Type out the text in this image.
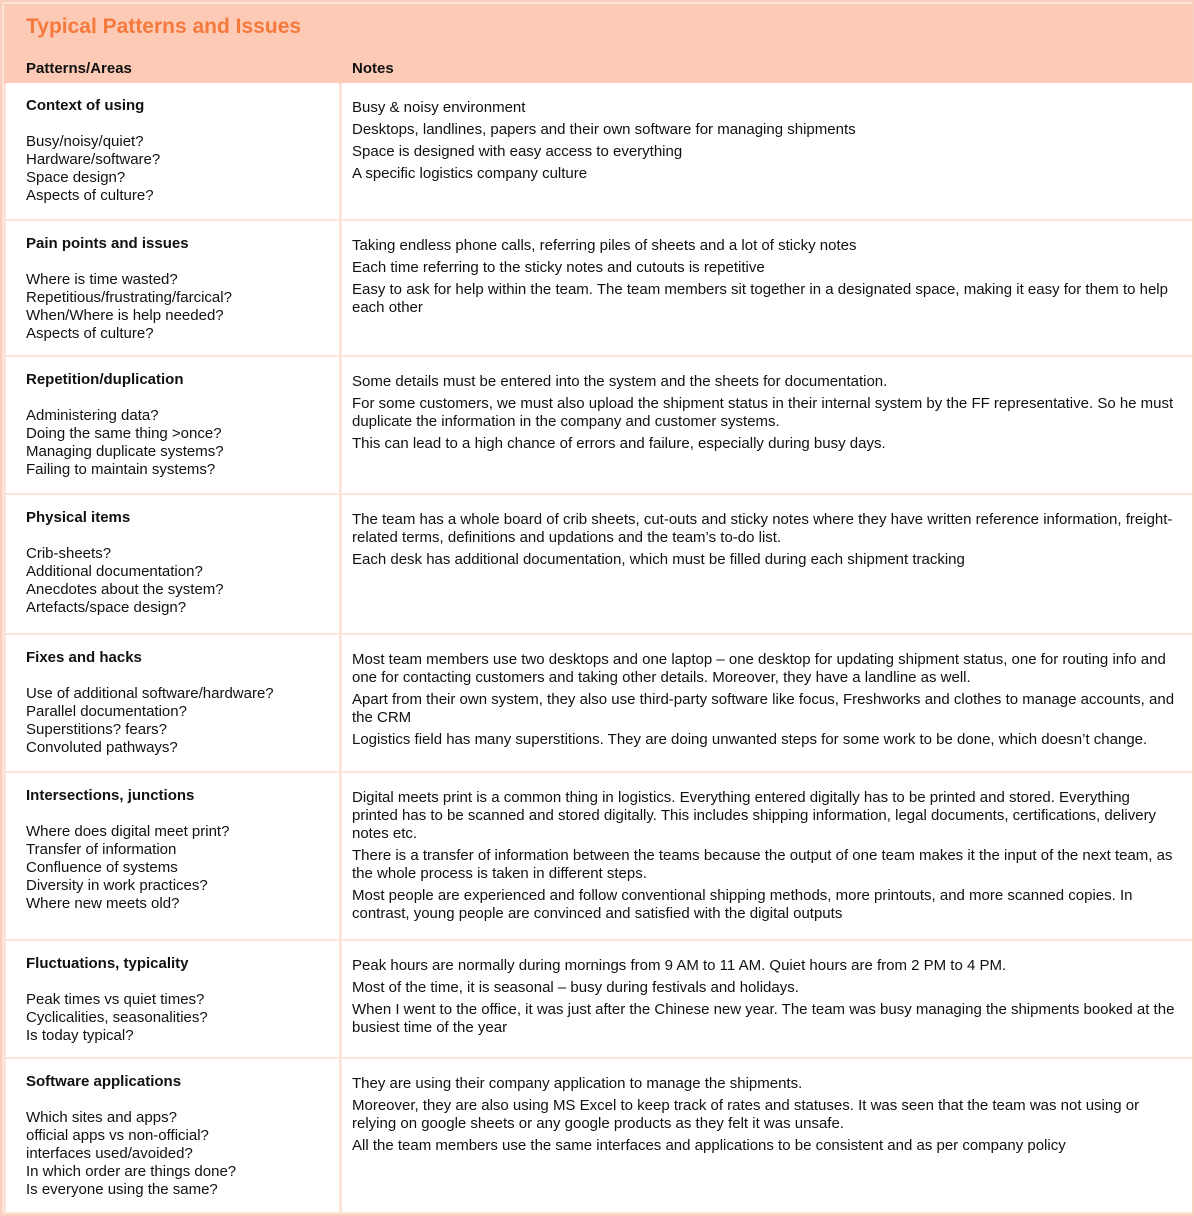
Typical Patterns and Issues
Patterns/Areas	Notes
Context of using
Busy/noisy/quiet?
Hardware/software?
Space design?
Aspects of culture?
Busy & noisy environment
Desktops, landlines, papers and their own software for managing shipments
Space is designed with easy access to everything
A specific logistics company culture
Pain points and issues
Where is time wasted?
Repetitious/frustrating/farcical?
When/Where is help needed?
Aspects of culture?
Taking endless phone calls, referring piles of sheets and a lot of sticky notes
Each time referring to the sticky notes and cutouts is repetitive
Easy to ask for help within the team. The team members sit together in a designated space, making it easy for them to help each other
Repetition/duplication
Administering data?
Doing the same thing >once?
Managing duplicate systems?
Failing to maintain systems?
Some details must be entered into the system and the sheets for documentation.
For some customers, we must also upload the shipment status in their internal system by the FF representative. So he must duplicate the information in the company and customer systems.
This can lead to a high chance of errors and failure, especially during busy days.
Physical items
Crib-sheets?
Additional documentation?
Anecdotes about the system?
Artefacts/space design?
The team has a whole board of crib sheets, cut-outs and sticky notes where they have written reference information, freight-related terms, definitions and updations and the team’s to-do list.
Each desk has additional documentation, which must be filled during each shipment tracking
Fixes and hacks
Use of additional software/hardware?
Parallel documentation?
Superstitions? fears?
Convoluted pathways?
Most team members use two desktops and one laptop – one desktop for updating shipment status, one for routing info and one for contacting customers and taking other details. Moreover, they have a landline as well.
Apart from their own system, they also use third-party software like focus, Freshworks and clothes to manage accounts, and the CRM
Logistics field has many superstitions. They are doing unwanted steps for some work to be done, which doesn’t change.
Intersections, junctions
Where does digital meet print?
Transfer of information
Confluence of systems
Diversity in work practices?
Where new meets old?
Digital meets print is a common thing in logistics. Everything entered digitally has to be printed and stored. Everything printed has to be scanned and stored digitally. This includes shipping information, legal documents, certifications, delivery notes etc.
There is a transfer of information between the teams because the output of one team makes it the input of the next team, as the whole process is taken in different steps.
Most people are experienced and follow conventional shipping methods, more printouts, and more scanned copies. In contrast, young people are convinced and satisfied with the digital outputs
Fluctuations, typicality
Peak times vs quiet times?
Cyclicalities, seasonalities?
Is today typical?
Peak hours are normally during mornings from 9 AM to 11 AM. Quiet hours are from 2 PM to 4 PM.
Most of the time, it is seasonal – busy during festivals and holidays.
When I went to the office, it was just after the Chinese new year. The team was busy managing the shipments booked at the busiest time of the year
Software applications
Which sites and apps?
official apps vs non-official?
interfaces used/avoided?
In which order are things done?
Is everyone using the same?
They are using their company application to manage the shipments.
Moreover, they are also using MS Excel to keep track of rates and statuses. It was seen that the team was not using or relying on google sheets or any google products as they felt it was unsafe.
All the team members use the same interfaces and applications to be consistent and as per company policy
